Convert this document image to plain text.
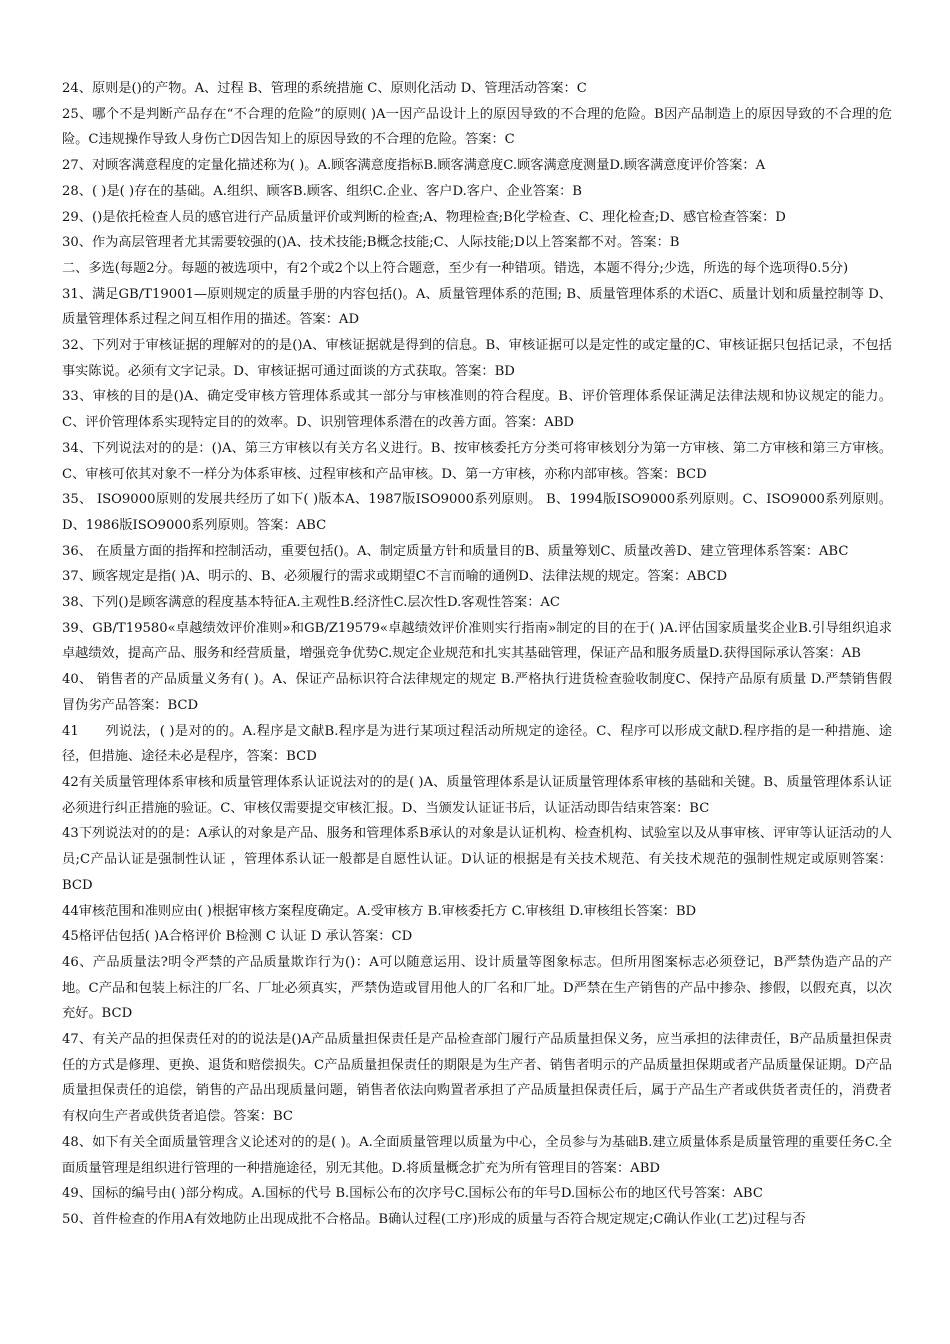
24、原则是()的产物。A、过程 B、管理的系统措施 C、原则化活动 D、管理活动答案：C

25、哪个不是判断产品存在“不合理的危险”的原则( )A一因产品设计上的原因导致的不合理的危险。B因产品制造上的原因导致的不合理的危险。C违规操作导致人身伤亡D因告知上的原因导致的不合理的危险。答案：C

27、对顾客满意程度的定量化描述称为( )。A.顾客满意度指标B.顾客满意度C.顾客满意度测量D.顾客满意度评价答案：A

28、( )是( )存在的基础。A.组织、顾客B.顾客、组织C.企业、客户D.客户、企业答案：B

29、()是依托检查人员的感官进行产品质量评价或判断的检查;A、物理检查;B化学检查、C、理化检查;D、感官检查答案：D

30、作为高层管理者尤其需要较强的()A、技术技能;B概念技能;C、人际技能;D以上答案都不对。答案：B

二、多选(每题2分。每题的被选项中，有2个或2个以上符合题意，至少有一种错项。错选，本题不得分;少选，所选的每个选项得0.5分)

31、满足GB/T19001—原则规定的质量手册的内容包括()。A、质量管理体系的范围; B、质量管理体系的术语C、质量计划和质量控制等 D、质量管理体系过程之间互相作用的描述。答案：AD

32、下列对于审核证据的理解对的的是()A、审核证据就是得到的信息。B、审核证据可以是定性的或定量的C、审核证据只包括记录，不包括事实陈说。必须有文字记录。D、审核证据可通过面谈的方式获取。答案：BD

33、审核的目的是()A、确定受审核方管理体系或其一部分与审核准则的符合程度。B、评价管理体系保证满足法律法规和协议规定的能力。C、评价管理体系实现特定目的的效率。D、识别管理体系潜在的改善方面。答案：ABD

34、下列说法对的的是：()A、第三方审核以有关方名义进行。B、按审核委托方分类可将审核划分为第一方审核、第二方审核和第三方审核。C、审核可依其对象不一样分为体系审核、过程审核和产品审核。D、第一方审核，亦称内部审核。答案：BCD

35、 ISO9000原则的发展共经历了如下( )版本A、1987版ISO9000系列原则。 B、1994版ISO9000系列原则。C、ISO9000系列原则。 D、1986版ISO9000系列原则。答案：ABC

36、 在质量方面的指挥和控制活动，重要包括()。A、制定质量方针和质量目的B、质量筹划C、质量改善D、建立管理体系答案：ABC

37、顾客规定是指( )A、明示的、B、必须履行的需求或期望C不言而喻的通例D、法律法规的规定。答案：ABCD

38、下列()是顾客满意的程度基本特征A.主观性B.经济性C.层次性D.客观性答案：AC

39、GB/T19580«卓越绩效评价准则»和GB/Z19579«卓越绩效评价准则实行指南»制定的目的在于( )A.评估国家质量奖企业B.引导组织追求卓越绩效，提高产品、服务和经营质量，增强竞争优势C.规定企业规范和扎实其基础管理，保证产品和服务质量D.获得国际承认答案：AB

40、 销售者的产品质量义务有( )。A、保证产品标识符合法律规定的规定 B.严格执行进货检查验收制度C、保持产品原有质量 D.严禁销售假冒伪劣产品答案：BCD

41  列说法，( )是对的的。A.程序是文献B.程序是为进行某项过程活动所规定的途径。C、程序可以形成文献D.程序指的是一种措施、途径，但措施、途径未必是程序，答案：BCD

42有关质量管理体系审核和质量管理体系认证说法对的的是( )A、质量管理体系是认证质量管理体系审核的基础和关键。B、质量管理体系认证必须进行纠正措施的验证。C、审核仅需要提交审核汇报。D、当颁发认证证书后，认证活动即告结束答案：BC

43下列说法对的的是：A承认的对象是产品、服务和管理体系B承认的对象是认证机构、检查机构、试验室以及从事审核、评审等认证活动的人员;C产品认证是强制性认证 ，管理体系认证一般都是自愿性认证。D认证的根据是有关技术规范、有关技术规范的强制性规定或原则答案：BCD

44审核范围和准则应由( )根据审核方案程度确定。A.受审核方 B.审核委托方 C.审核组 D.审核组长答案：BD

45格评估包括( )A合格评价 B检测 C 认证 D 承认答案：CD

46、产品质量法?明令严禁的产品质量欺诈行为()：A可以随意运用、设计质量等图象标志。但所用图案标志必须登记，B严禁伪造产品的产地。C产品和包装上标注的厂名、厂址必须真实，严禁伪造或冒用他人的厂名和厂址。D严禁在生产销售的产品中掺杂、掺假，以假充真，以次充好。BCD

47、有关产品的担保责任对的的说法是()A产品质量担保责任是产品检查部门履行产品质量担保义务，应当承担的法律责任，B产品质量担保责任的方式是修理、更换、退货和赔偿损失。C产品质量担保责任的期限是为生产者、销售者明示的产品质量担保期或者产品质量保证期。D产品质量担保责任的追偿，销售的产品出现质量问题，销售者依法向购置者承担了产品质量担保责任后，属于产品生产者或供货者责任的，消费者有权向生产者或供货者追偿。答案：BC

48、如下有关全面质量管理含义论述对的的是( )。A.全面质量管理以质量为中心，全员参与为基础B.建立质量体系是质量管理的重要任务C.全面质量管理是组织进行管理的一种措施途径，别无其他。D.将质量概念扩充为所有管理目的答案：ABD

49、国标的编号由( )部分构成。A.国标的代号 B.国标公布的次序号C.国标公布的年号D.国标公布的地区代号答案：ABC

50、首件检查的作用A有效地防止出现成批不合格品。B确认过程(工序)形成的质量与否符合规定规定;C确认作业(工艺)过程与否
